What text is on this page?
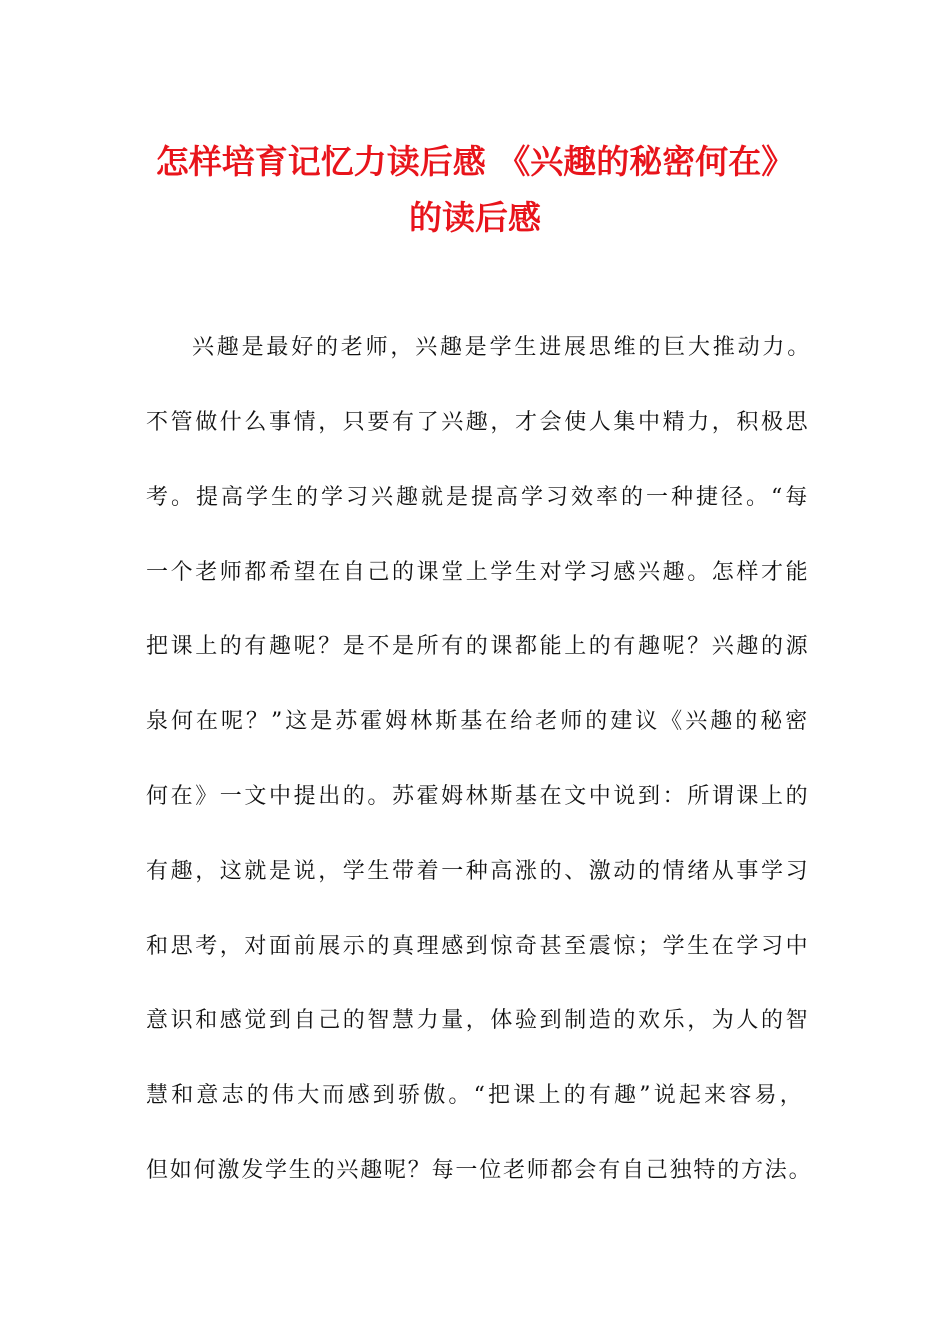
怎样培育记忆力读后感 《兴趣的秘密何在》
的读后感
兴趣是最好的老师，兴趣是学生进展思维的巨大推动力。
不管做什么事情，只要有了兴趣，才会使人集中精力，积极思
考。提高学生的学习兴趣就是提高学习效率的一种捷径。“每
一个老师都希望在自己的课堂上学生对学习感兴趣。怎样才能
把课上的有趣呢？是不是所有的课都能上的有趣呢？兴趣的源
泉何在呢？”这是苏霍姆林斯基在给老师的建议《兴趣的秘密
何在》一文中提出的。苏霍姆林斯基在文中说到：所谓课上的
有趣，这就是说，学生带着一种高涨的、激动的情绪从事学习
和思考，对面前展示的真理感到惊奇甚至震惊；学生在学习中
意识和感觉到自己的智慧力量，体验到制造的欢乐，为人的智
慧和意志的伟大而感到骄傲。“把课上的有趣”说起来容易，
但如何激发学生的兴趣呢？每一位老师都会有自己独特的方法。
